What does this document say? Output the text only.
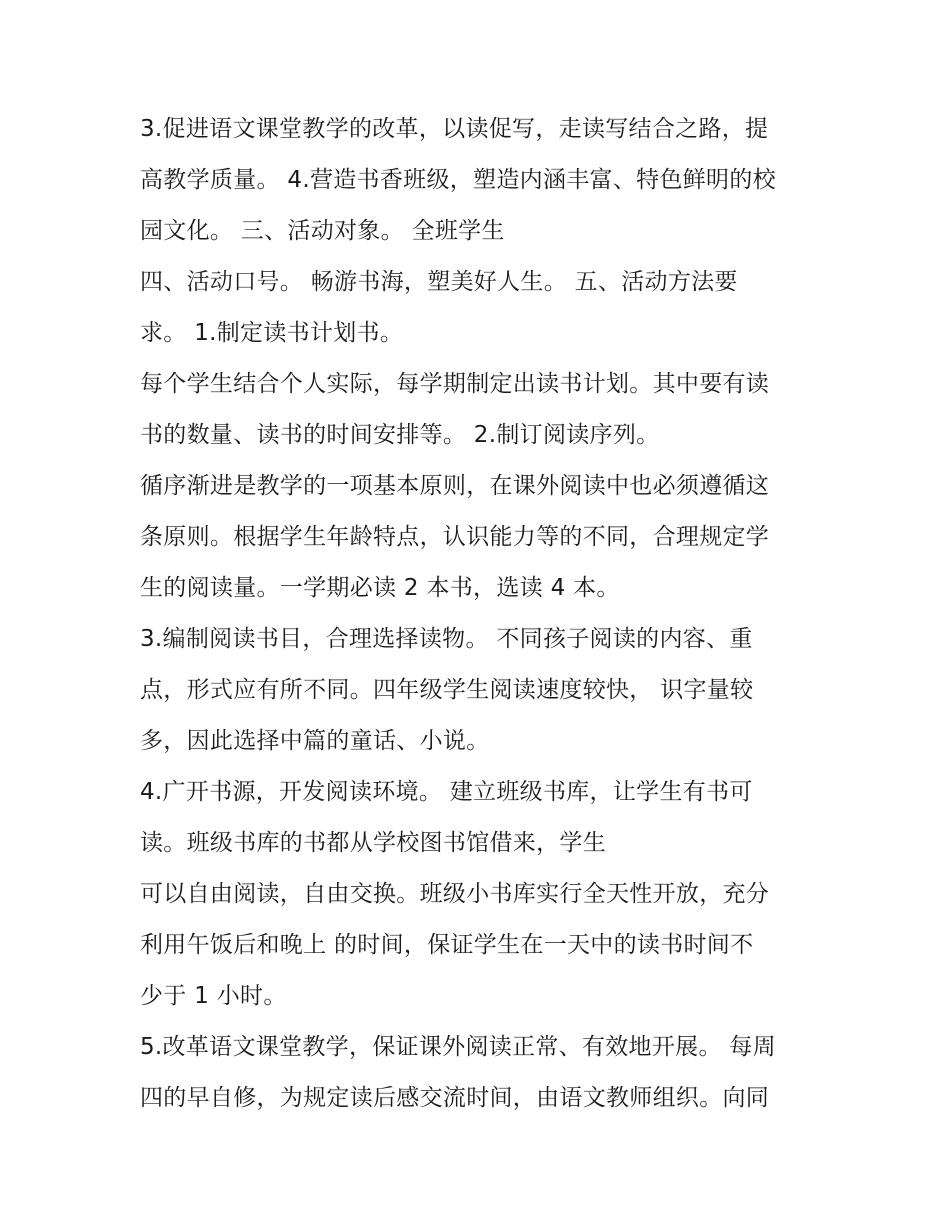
3.促进语文课堂教学的改革，以读促写，走读写结合之路，提
高教学质量。 4.营造书香班级，塑造内涵丰富、特色鲜明的校
园文化。 三、活动对象。 全班学生
四、活动口号。 畅游书海，塑美好人生。 五、活动方法要
求。 1.制定读书计划书。
每个学生结合个人实际，每学期制定出读书计划。其中要有读
书的数量、读书的时间安排等。 2.制订阅读序列。
循序渐进是教学的一项基本原则，在课外阅读中也必须遵循这
条原则。根据学生年龄特点，认识能力等的不同，合理规定学
生的阅读量。一学期必读 2 本书，选读 4 本。
3.编制阅读书目，合理选择读物。 不同孩子阅读的内容、重
点，形式应有所不同。四年级学生阅读速度较快， 识字量较
多，因此选择中篇的童话、小说。
4.广开书源，开发阅读环境。 建立班级书库，让学生有书可
读。班级书库的书都从学校图书馆借来，学生
可以自由阅读，自由交换。班级小书库实行全天性开放，充分
利用午饭后和晚上 的时间，保证学生在一天中的读书时间不
少于 1 小时。
5.改革语文课堂教学，保证课外阅读正常、有效地开展。 每周
四的早自修，为规定读后感交流时间，由语文教师组织。向同
